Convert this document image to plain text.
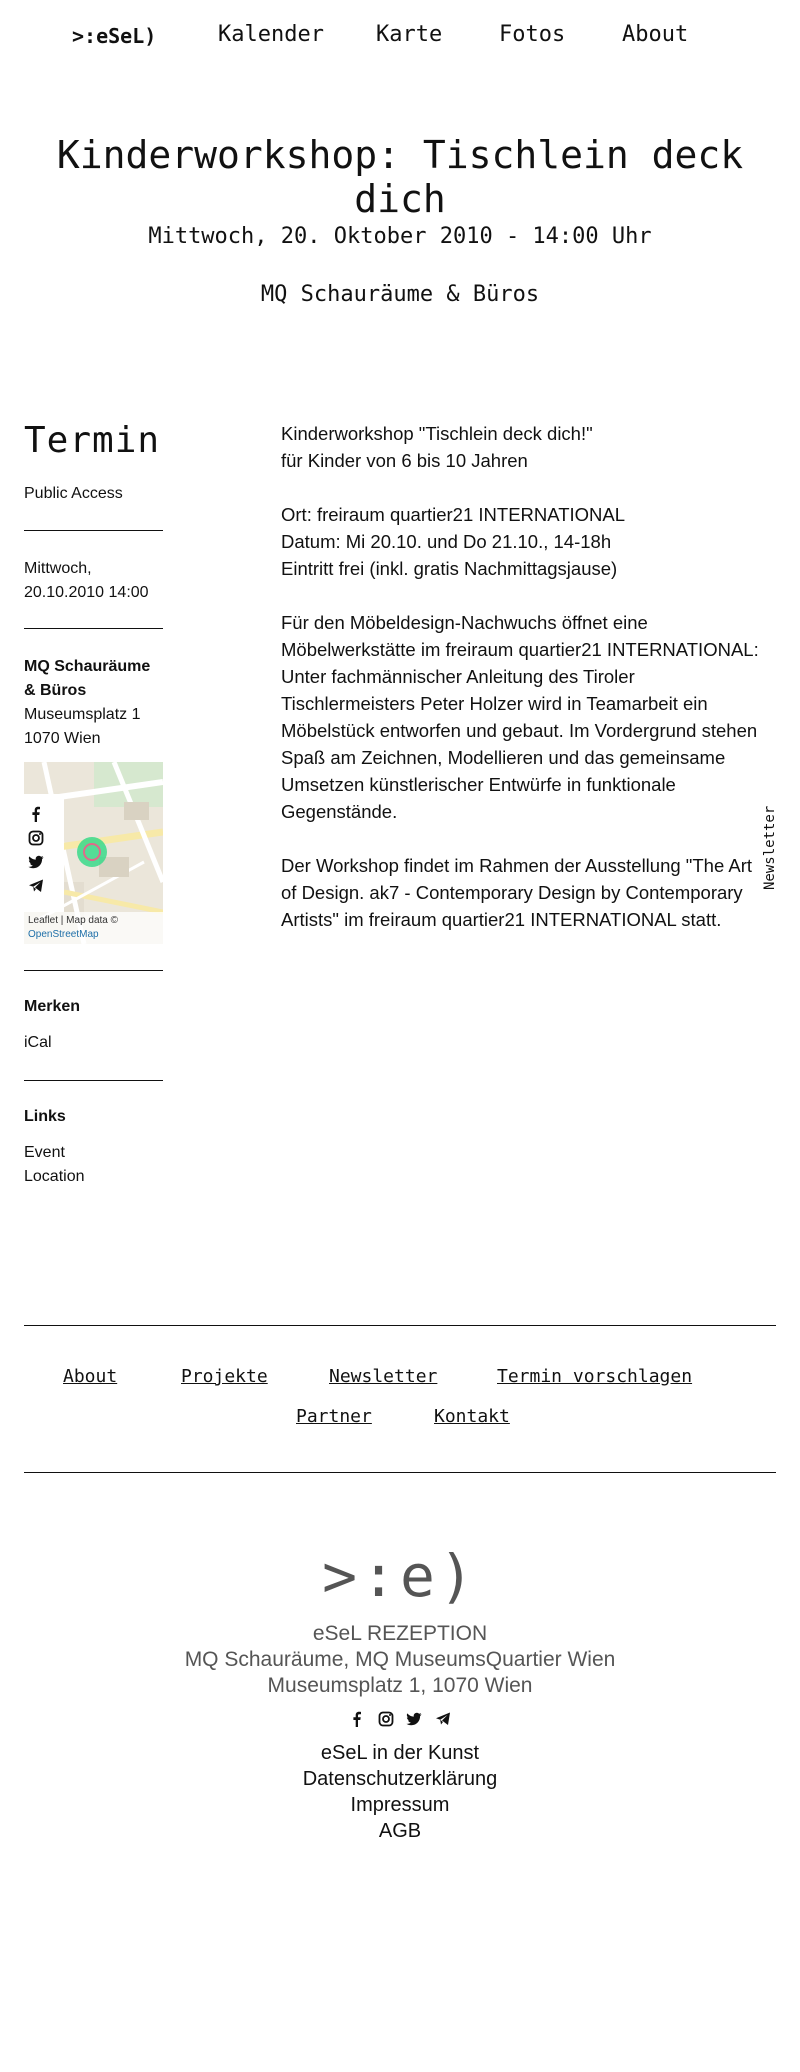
>:eSeL)	Kalender Karte	Fotos	About
Kinderworkshop: Tischlein deck dich
Mittwoch, 20. Oktober 2010 - 14:00 Uhr
MQ Schauräume & Büros
Termin
Public Access
Mittwoch,
20.10.2010 14:00
MQ Schauräume
& Büros
Museumsplatz 1
1070 Wien
Leaflet | Map data ©
OpenStreetMap
Merken
iCal
Links
Event
Location

Kinderworkshop "Tischlein deck dich!"
für Kinder von 6 bis 10 Jahren

Ort: freiraum quartier21 INTERNATIONAL
Datum: Mi 20.10. und Do 21.10., 14-18h
Eintritt frei (inkl. gratis Nachmittagsjause)

Für den Möbeldesign-Nachwuchs öffnet eine
Möbelwerkstätte im freiraum quartier21 INTERNATIONAL:
Unter fachmännischer Anleitung des Tiroler
Tischlermeisters Peter Holzer wird in Teamarbeit ein
Möbelstück entworfen und gebaut. Im Vordergrund stehen
Spaß am Zeichnen, Modellieren und das gemeinsame
Umsetzen künstlerischer Entwürfe in funktionale
Gegenstände.

Der Workshop findet im Rahmen der Ausstellung "The Art
of Design. ak7 - Contemporary Design by Contemporary
Artists" im freiraum quartier21 INTERNATIONAL statt.

Newsletter
About	Projekte	Newsletter	Termin vorschlagen
Partner	Kontakt
>:e)
eSeL REZEPTION
MQ Schauräume, MQ MuseumsQuartier Wien
Museumsplatz 1, 1070 Wien

eSeL in der Kunst
Datenschutzerklärung
Impressum
AGB
